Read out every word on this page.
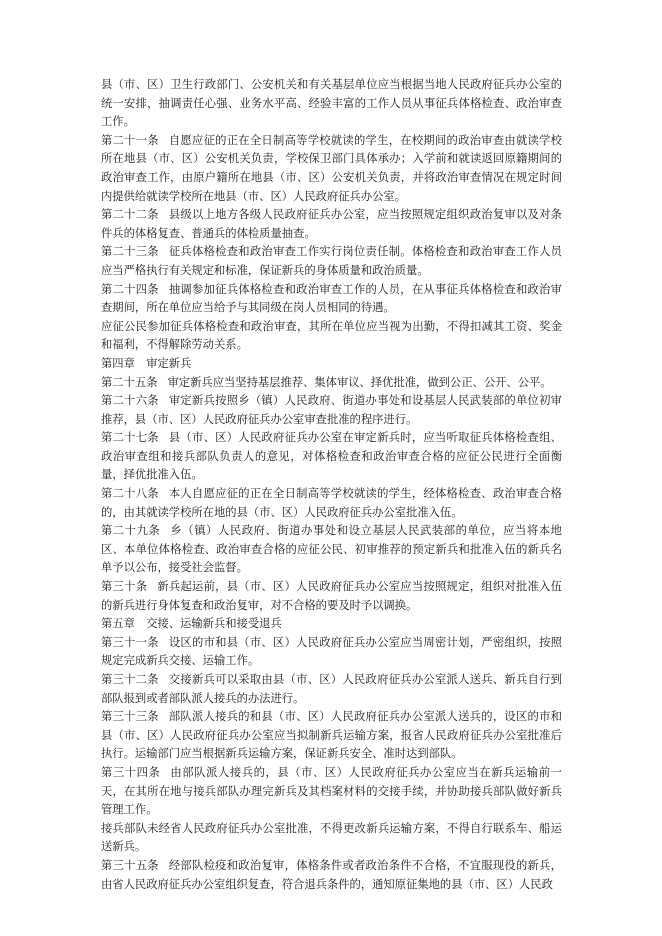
县（市、区）卫生行政部门、公安机关和有关基层单位应当根据当地人民政府征兵办公室的统一安排，抽调责任心强、业务水平高、经验丰富的工作人员从事征兵体格检查、政治审查工作。

第二十一条 自愿应征的正在全日制高等学校就读的学生，在校期间的政治审查由就读学校所在地县（市、区）公安机关负责，学校保卫部门具体承办；入学前和就读返回原籍期间的政治审查工作，由原户籍所在地县（市、区）公安机关负责，并将政治审查情况在规定时间内提供给就读学校所在地县（市、区）人民政府征兵办公室。

第二十二条 县级以上地方各级人民政府征兵办公室，应当按照规定组织政治复审以及对条件兵的体格复查、普通兵的体检质量抽查。

第二十三条 征兵体格检查和政治审查工作实行岗位责任制。体格检查和政治审查工作人员应当严格执行有关规定和标准，保证新兵的身体质量和政治质量。

第二十四条 抽调参加征兵体格检查和政治审查工作的人员，在从事征兵体格检查和政治审查期间，所在单位应当给予与其同级在岗人员相同的待遇。

应征公民参加征兵体格检查和政治审查，其所在单位应当视为出勤，不得扣减其工资、奖金和福利，不得解除劳动关系。

第四章　审定新兵

第二十五条 审定新兵应当坚持基层推荐、集体审议、择优批准，做到公正、公开、公平。

第二十六条 审定新兵按照乡（镇）人民政府、街道办事处和设基层人民武装部的单位初审推荐，县（市、区）人民政府征兵办公室审查批准的程序进行。

第二十七条 县（市、区）人民政府征兵办公室在审定新兵时，应当听取征兵体格检查组、政治审查组和接兵部队负责人的意见，对体格检查和政治审查合格的应征公民进行全面衡量，择优批准入伍。

第二十八条 本人自愿应征的正在全日制高等学校就读的学生，经体格检查、政治审查合格的，由其就读学校所在地的县（市、区）人民政府征兵办公室批准入伍。

第二十九条 乡（镇）人民政府、街道办事处和设立基层人民武装部的单位，应当将本地区、本单位体格检查、政治审查合格的应征公民、初审推荐的预定新兵和批准入伍的新兵名单予以公布，接受社会监督。

第三十条 新兵起运前，县（市、区）人民政府征兵办公室应当按照规定，组织对批准入伍的新兵进行身体复查和政治复审，对不合格的要及时予以调换。

第五章　交接、运输新兵和接受退兵

第三十一条 设区的市和县（市、区）人民政府征兵办公室应当周密计划，严密组织，按照规定完成新兵交接、运输工作。

第三十二条 交接新兵可以采取由县（市、区）人民政府征兵办公室派人送兵、新兵自行到部队报到或者部队派人接兵的办法进行。

第三十三条 部队派人接兵的和县（市、区）人民政府征兵办公室派人送兵的，设区的市和县（市、区）人民政府征兵办公室应当拟制新兵运输方案，报省人民政府征兵办公室批准后执行。运输部门应当根据新兵运输方案，保证新兵安全、准时达到部队。

第三十四条 由部队派人接兵的，县（市、区）人民政府征兵办公室应当在新兵运输前一天，在其所在地与接兵部队办理完新兵及其档案材料的交接手续，并协助接兵部队做好新兵管理工作。

接兵部队未经省人民政府征兵办公室批准，不得更改新兵运输方案，不得自行联系车、船运送新兵。

第三十五条 经部队检疫和政治复审，体格条件或者政治条件不合格，不宜服现役的新兵，由省人民政府征兵办公室组织复查，符合退兵条件的，通知原征集地的县（市、区）人民政
